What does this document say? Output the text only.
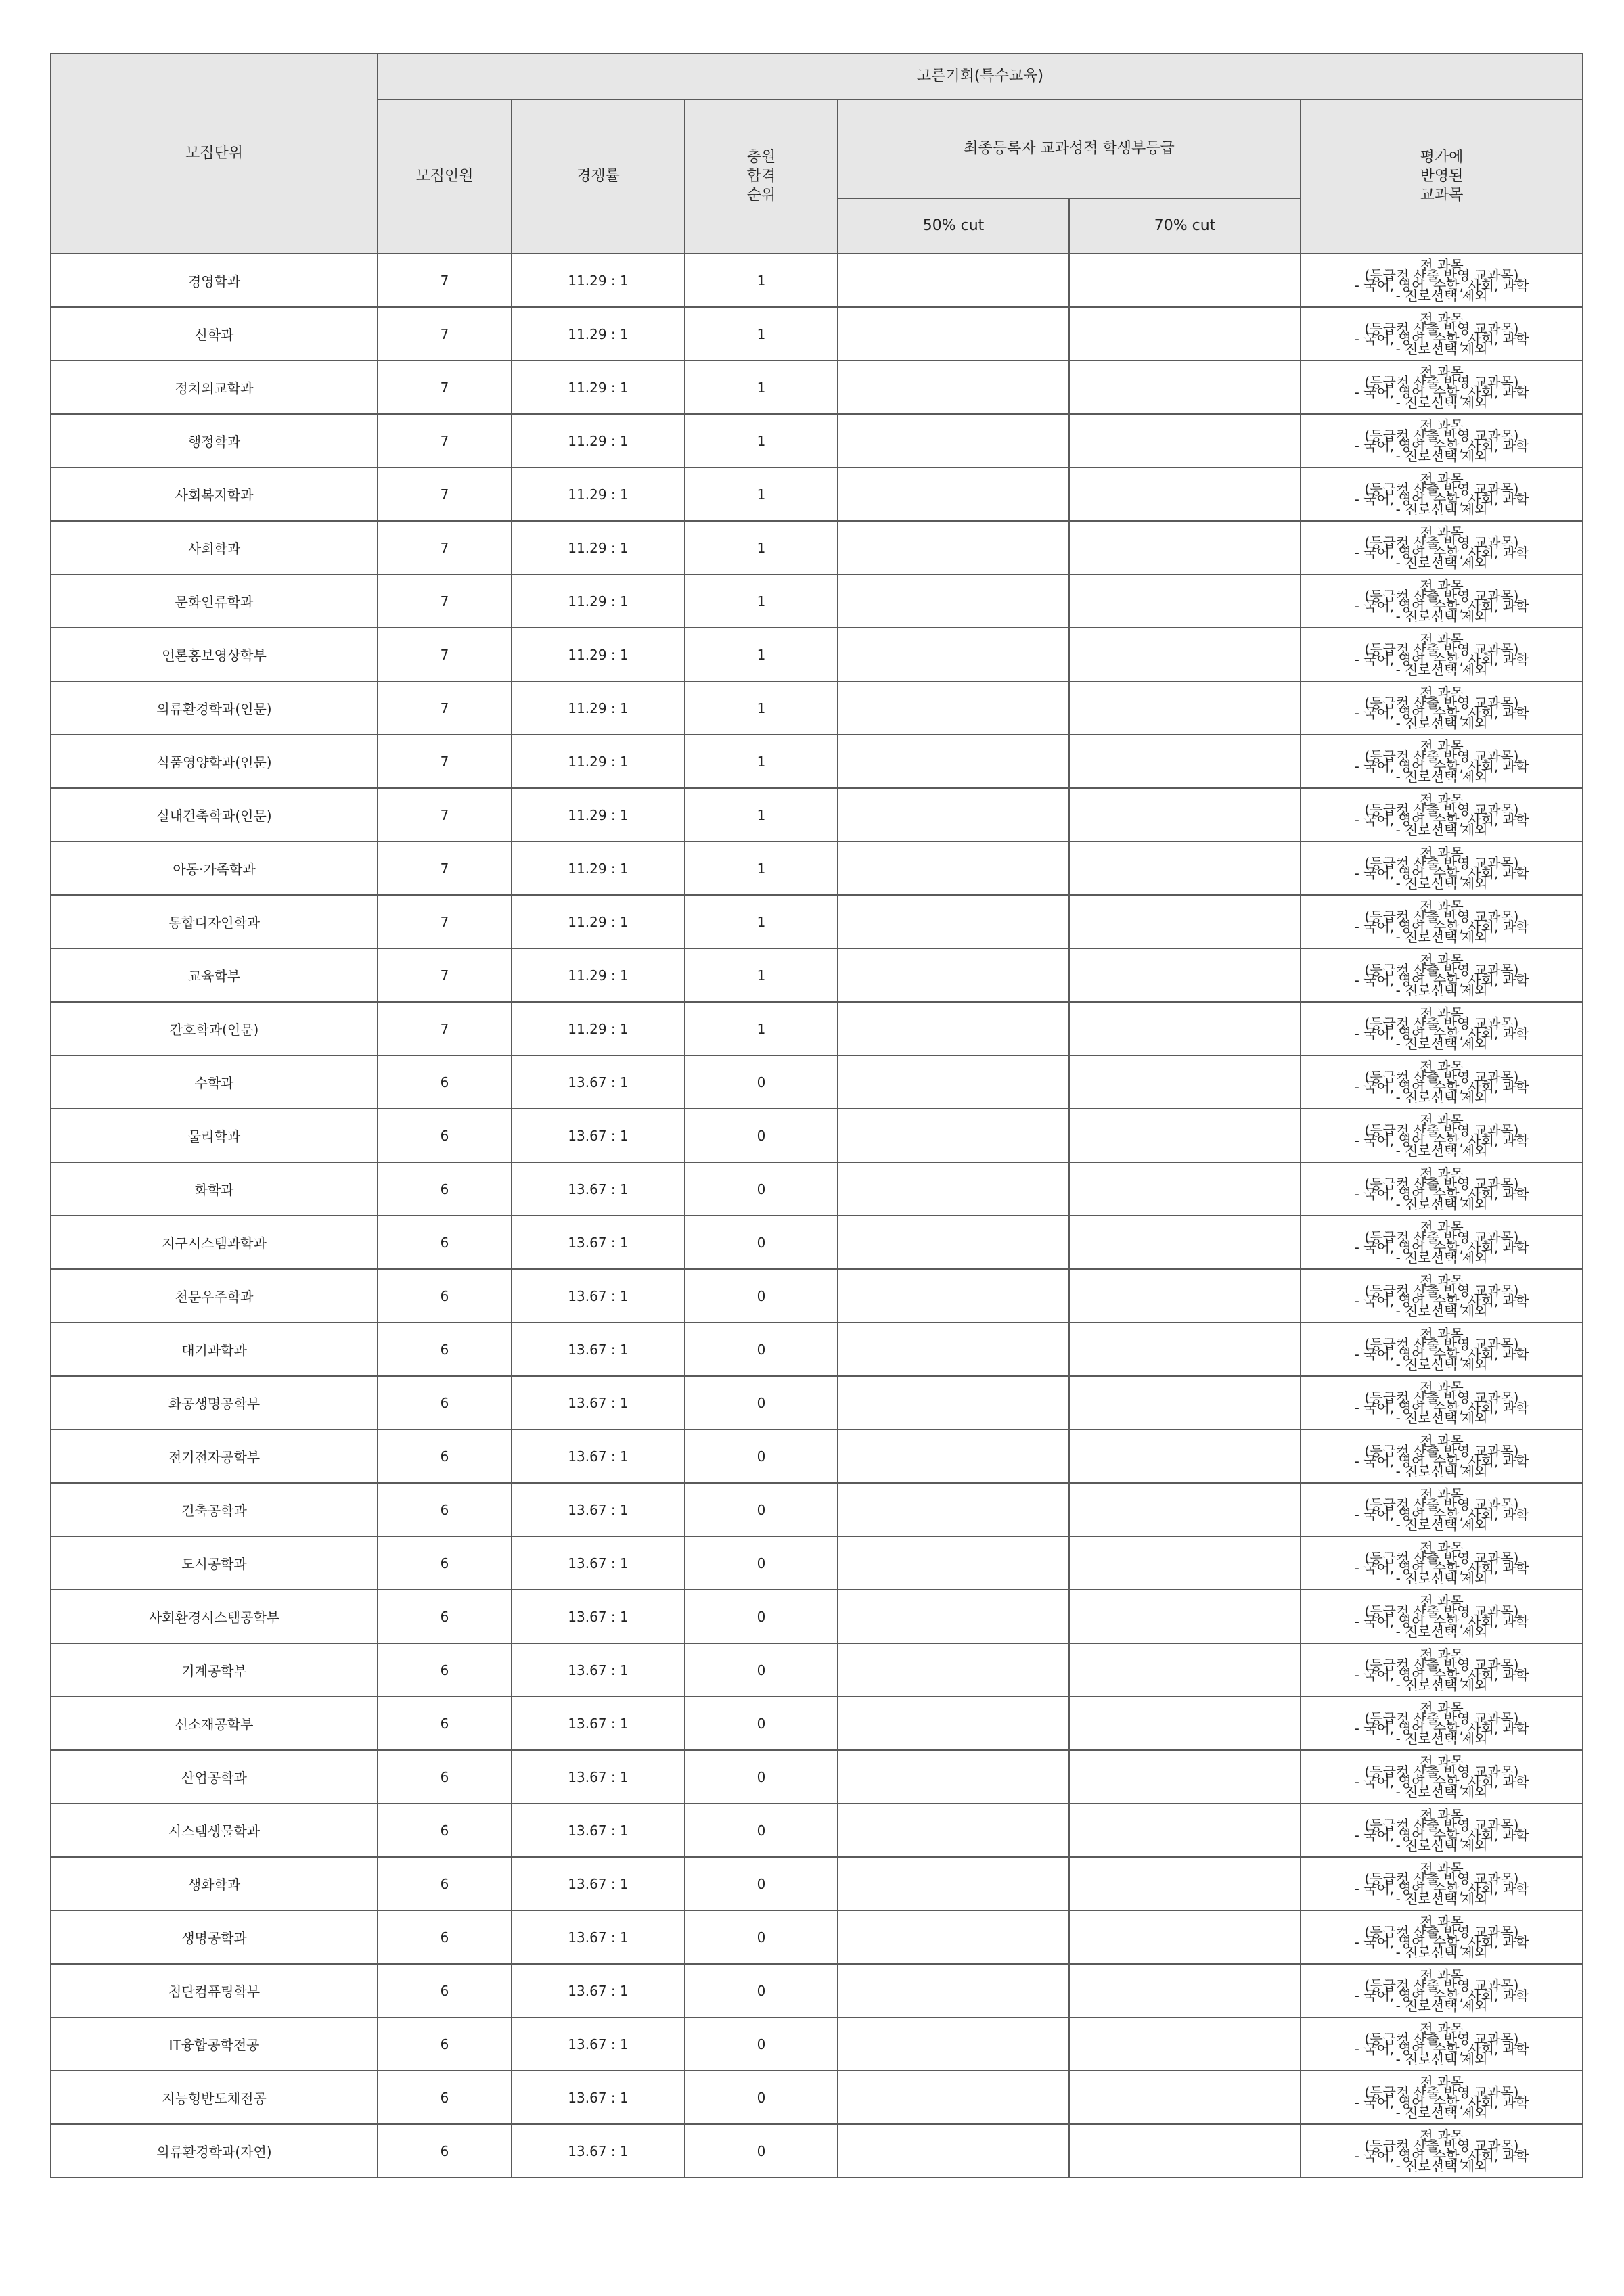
모집단위	고른기회(특수교육)					
	모집인원	경쟁률	충원
합격
순위	최종등록자 교과성적 학생부등급		평가에
반영된
교과목
				50% cut	70% cut	
경영학과	7	11.29 : 1	1			전 과목
(등급컷 산출 반영 교과목)
- 국어, 영어, 수학, 사회, 과학
- 진로선택 제외
신학과	7	11.29 : 1	1			전 과목
(등급컷 산출 반영 교과목)
- 국어, 영어, 수학, 사회, 과학
- 진로선택 제외
정치외교학과	7	11.29 : 1	1			전 과목
(등급컷 산출 반영 교과목)
- 국어, 영어, 수학, 사회, 과학
- 진로선택 제외
행정학과	7	11.29 : 1	1			전 과목
(등급컷 산출 반영 교과목)
- 국어, 영어, 수학, 사회, 과학
- 진로선택 제외
사회복지학과	7	11.29 : 1	1			전 과목
(등급컷 산출 반영 교과목)
- 국어, 영어, 수학, 사회, 과학
- 진로선택 제외
사회학과	7	11.29 : 1	1			전 과목
(등급컷 산출 반영 교과목)
- 국어, 영어, 수학, 사회, 과학
- 진로선택 제외
문화인류학과	7	11.29 : 1	1			전 과목
(등급컷 산출 반영 교과목)
- 국어, 영어, 수학, 사회, 과학
- 진로선택 제외
언론홍보영상학부	7	11.29 : 1	1			전 과목
(등급컷 산출 반영 교과목)
- 국어, 영어, 수학, 사회, 과학
- 진로선택 제외
의류환경학과(인문)	7	11.29 : 1	1			전 과목
(등급컷 산출 반영 교과목)
- 국어, 영어, 수학, 사회, 과학
- 진로선택 제외
식품영양학과(인문)	7	11.29 : 1	1			전 과목
(등급컷 산출 반영 교과목)
- 국어, 영어, 수학, 사회, 과학
- 진로선택 제외
실내건축학과(인문)	7	11.29 : 1	1			전 과목
(등급컷 산출 반영 교과목)
- 국어, 영어, 수학, 사회, 과학
- 진로선택 제외
아동·가족학과	7	11.29 : 1	1			전 과목
(등급컷 산출 반영 교과목)
- 국어, 영어, 수학, 사회, 과학
- 진로선택 제외
통합디자인학과	7	11.29 : 1	1			전 과목
(등급컷 산출 반영 교과목)
- 국어, 영어, 수학, 사회, 과학
- 진로선택 제외
교육학부	7	11.29 : 1	1			전 과목
(등급컷 산출 반영 교과목)
- 국어, 영어, 수학, 사회, 과학
- 진로선택 제외
간호학과(인문)	7	11.29 : 1	1			전 과목
(등급컷 산출 반영 교과목)
- 국어, 영어, 수학, 사회, 과학
- 진로선택 제외
수학과	6	13.67 : 1	0			전 과목
(등급컷 산출 반영 교과목)
- 국어, 영어, 수학, 사회, 과학
- 진로선택 제외
물리학과	6	13.67 : 1	0			전 과목
(등급컷 산출 반영 교과목)
- 국어, 영어, 수학, 사회, 과학
- 진로선택 제외
화학과	6	13.67 : 1	0			전 과목
(등급컷 산출 반영 교과목)
- 국어, 영어, 수학, 사회, 과학
- 진로선택 제외
지구시스템과학과	6	13.67 : 1	0			전 과목
(등급컷 산출 반영 교과목)
- 국어, 영어, 수학, 사회, 과학
- 진로선택 제외
천문우주학과	6	13.67 : 1	0			전 과목
(등급컷 산출 반영 교과목)
- 국어, 영어, 수학, 사회, 과학
- 진로선택 제외
대기과학과	6	13.67 : 1	0			전 과목
(등급컷 산출 반영 교과목)
- 국어, 영어, 수학, 사회, 과학
- 진로선택 제외
화공생명공학부	6	13.67 : 1	0			전 과목
(등급컷 산출 반영 교과목)
- 국어, 영어, 수학, 사회, 과학
- 진로선택 제외
전기전자공학부	6	13.67 : 1	0			전 과목
(등급컷 산출 반영 교과목)
- 국어, 영어, 수학, 사회, 과학
- 진로선택 제외
건축공학과	6	13.67 : 1	0			전 과목
(등급컷 산출 반영 교과목)
- 국어, 영어, 수학, 사회, 과학
- 진로선택 제외
도시공학과	6	13.67 : 1	0			전 과목
(등급컷 산출 반영 교과목)
- 국어, 영어, 수학, 사회, 과학
- 진로선택 제외
사회환경시스템공학부	6	13.67 : 1	0			전 과목
(등급컷 산출 반영 교과목)
- 국어, 영어, 수학, 사회, 과학
- 진로선택 제외
기계공학부	6	13.67 : 1	0			전 과목
(등급컷 산출 반영 교과목)
- 국어, 영어, 수학, 사회, 과학
- 진로선택 제외
신소재공학부	6	13.67 : 1	0			전 과목
(등급컷 산출 반영 교과목)
- 국어, 영어, 수학, 사회, 과학
- 진로선택 제외
산업공학과	6	13.67 : 1	0			전 과목
(등급컷 산출 반영 교과목)
- 국어, 영어, 수학, 사회, 과학
- 진로선택 제외
시스템생물학과	6	13.67 : 1	0			전 과목
(등급컷 산출 반영 교과목)
- 국어, 영어, 수학, 사회, 과학
- 진로선택 제외
생화학과	6	13.67 : 1	0			전 과목
(등급컷 산출 반영 교과목)
- 국어, 영어, 수학, 사회, 과학
- 진로선택 제외
생명공학과	6	13.67 : 1	0			전 과목
(등급컷 산출 반영 교과목)
- 국어, 영어, 수학, 사회, 과학
- 진로선택 제외
첨단컴퓨팅학부	6	13.67 : 1	0			전 과목
(등급컷 산출 반영 교과목)
- 국어, 영어, 수학, 사회, 과학
- 진로선택 제외
IT융합공학전공	6	13.67 : 1	0			전 과목
(등급컷 산출 반영 교과목)
- 국어, 영어, 수학, 사회, 과학
- 진로선택 제외
지능형반도체전공	6	13.67 : 1	0			전 과목
(등급컷 산출 반영 교과목)
- 국어, 영어, 수학, 사회, 과학
- 진로선택 제외
의류환경학과(자연)	6	13.67 : 1	0			전 과목
(등급컷 산출 반영 교과목)
- 국어, 영어, 수학, 사회, 과학
- 진로선택 제외
